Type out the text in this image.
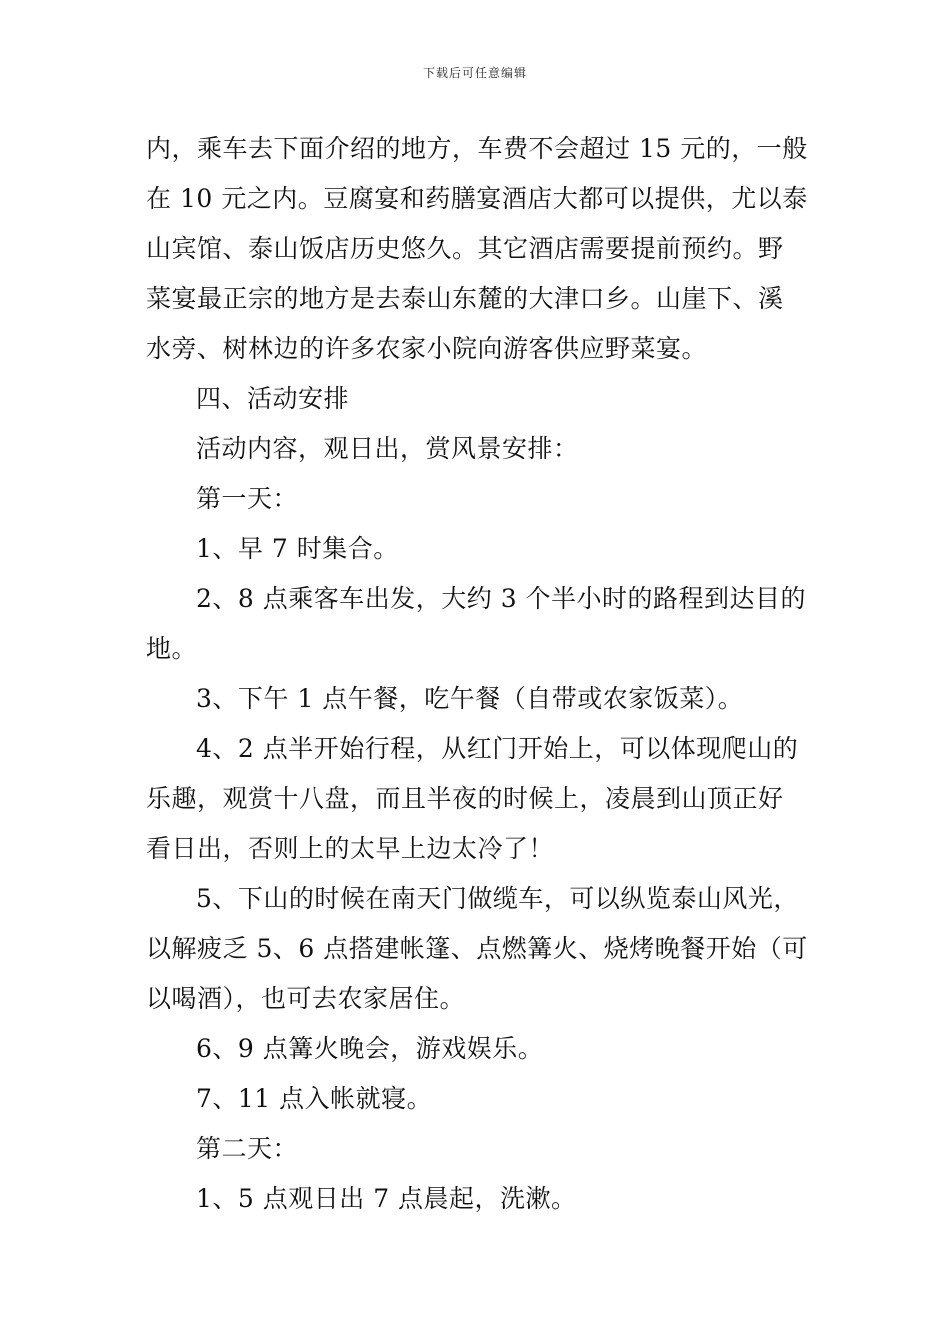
下载后可任意编辑
内，乘车去下面介绍的地方，车费不会超过 15 元的，一般
在 10 元之内。豆腐宴和药膳宴酒店大都可以提供，尤以泰
山宾馆、泰山饭店历史悠久。其它酒店需要提前预约。野
菜宴最正宗的地方是去泰山东麓的大津口乡。山崖下、溪
水旁、树林边的许多农家小院向游客供应野菜宴。
四、活动安排
活动内容，观日出，赏风景安排：
第一天：
1、早 7 时集合。
2、8 点乘客车出发，大约 3 个半小时的路程到达目的
地。
3、下午 1 点午餐，吃午餐（自带或农家饭菜）。
4、2 点半开始行程，从红门开始上，可以体现爬山的
乐趣，观赏十八盘，而且半夜的时候上，凌晨到山顶正好
看日出，否则上的太早上边太冷了！
5、下山的时候在南天门做缆车，可以纵览泰山风光，
以解疲乏 5、6 点搭建帐篷、点燃篝火、烧烤晚餐开始（可
以喝酒），也可去农家居住。
6、9 点篝火晚会，游戏娱乐。
7、11 点入帐就寝。
第二天：
1、5 点观日出 7 点晨起，洗漱。
